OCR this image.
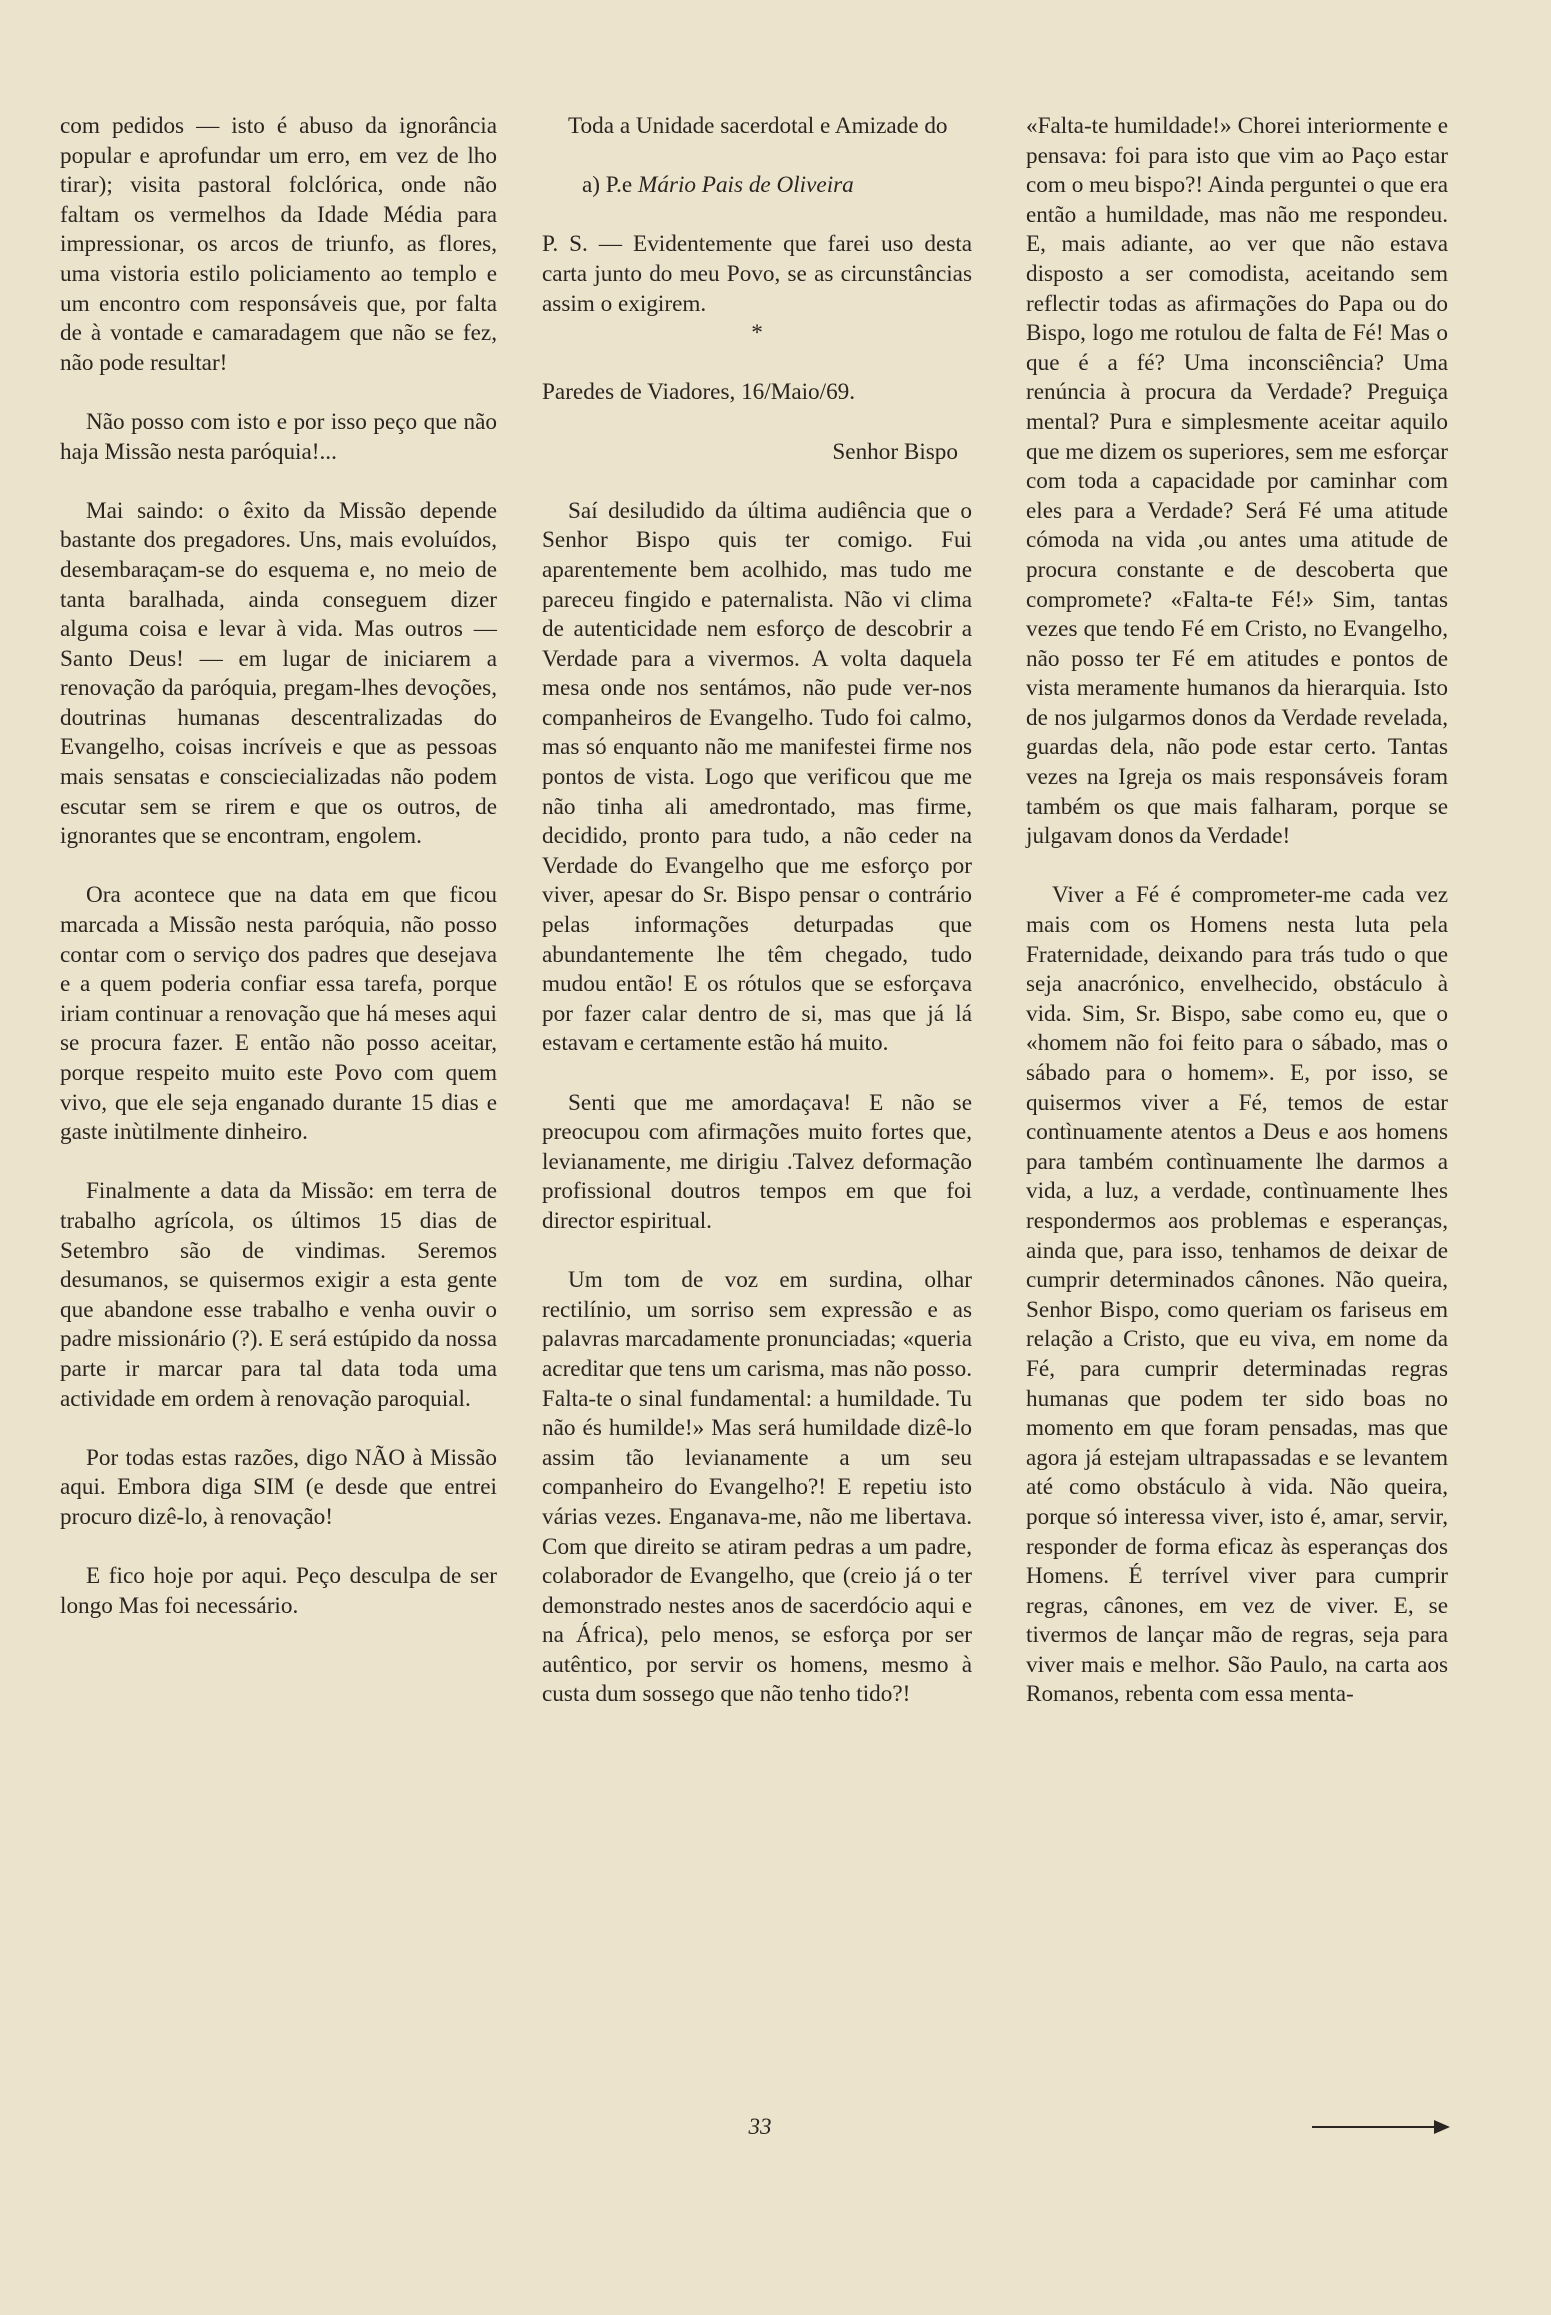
com pedidos — isto é abuso da ignorância popular e aprofundar um erro, em vez de lho tirar); visita pastoral folclórica, onde não faltam os vermelhos da Idade Média para impressionar, os arcos de triunfo, as flores, uma vistoria estilo policiamento ao templo e um encontro com responsáveis que, por falta de à vontade e camaradagem que não se fez, não pode resultar!

Não posso com isto e por isso peço que não haja Missão nesta paróquia!...

Mai saindo: o êxito da Missão depende bastante dos pregadores. Uns, mais evoluídos, desembaraçam-se do esquema e, no meio de tanta baralhada, ainda conseguem dizer alguma coisa e levar à vida. Mas outros — Santo Deus! — em lugar de iniciarem a renovação da paróquia, pregam-lhes devoções, doutrinas humanas descentralizadas do Evangelho, coisas incríveis e que as pessoas mais sensatas e consciecializadas não podem escutar sem se rirem e que os outros, de ignorantes que se encontram, engolem.

Ora acontece que na data em que ficou marcada a Missão nesta paróquia, não posso contar com o serviço dos padres que desejava e a quem poderia confiar essa tarefa, porque iriam continuar a renovação que há meses aqui se procura fazer. E então não posso aceitar, porque respeito muito este Povo com quem vivo, que ele seja enganado durante 15 dias e gaste inùtilmente dinheiro.

Finalmente a data da Missão: em terra de trabalho agrícola, os últimos 15 dias de Setembro são de vindimas. Seremos desumanos, se quisermos exigir a esta gente que abandone esse trabalho e venha ouvir o padre missionário (?). E será estúpido da nossa parte ir marcar para tal data toda uma actividade em ordem à renovação paroquial.

Por todas estas razões, digo NÃO à Missão aqui. Embora diga SIM (e desde que entrei procuro dizê-lo, à renovação!

E fico hoje por aqui. Peço desculpa de ser longo Mas foi necessário.

Toda a Unidade sacerdotal e Amizade do

a) P.e Mário Pais de Oliveira

P. S. — Evidentemente que farei uso desta carta junto do meu Povo, se as circunstâncias assim o exigirem.

*

Paredes de Viadores, 16/Maio/69.

Senhor Bispo

Saí desiludido da última audiência que o Senhor Bispo quis ter comigo. Fui aparentemente bem acolhido, mas tudo me pareceu fingido e paternalista. Não vi clima de autenticidade nem esforço de descobrir a Verdade para a vivermos. A volta daquela mesa onde nos sentámos, não pude ver-nos companheiros de Evangelho. Tudo foi calmo, mas só enquanto não me manifestei firme nos pontos de vista. Logo que verificou que me não tinha ali amedrontado, mas firme, decidido, pronto para tudo, a não ceder na Verdade do Evangelho que me esforço por viver, apesar do Sr. Bispo pensar o contrário pelas informações deturpadas que abundantemente lhe têm chegado, tudo mudou então! E os rótulos que se esforçava por fazer calar dentro de si, mas que já lá estavam e certamente estão há muito.

Senti que me amordaçava! E não se preocupou com afirmações muito fortes que, levianamente, me dirigiu .Talvez deformação profissional doutros tempos em que foi director espiritual.

Um tom de voz em surdina, olhar rectilínio, um sorriso sem expressão e as palavras marcadamente pronunciadas; «queria acreditar que tens um carisma, mas não posso. Falta-te o sinal fundamental: a humildade. Tu não és humilde!» Mas será humildade dizê-lo assim tão levianamente a um seu companheiro do Evangelho?! E repetiu isto várias vezes. Enganava-me, não me libertava. Com que direito se atiram pedras a um padre, colaborador de Evangelho, que (creio já o ter demonstrado nestes anos de sacerdócio aqui e na África), pelo menos, se esforça por ser autêntico, por servir os homens, mesmo à custa dum sossego que não tenho tido?!

«Falta-te humildade!» Chorei interiormente e pensava: foi para isto que vim ao Paço estar com o meu bispo?! Ainda perguntei o que era então a humildade, mas não me respondeu. E, mais adiante, ao ver que não estava disposto a ser comodista, aceitando sem reflectir todas as afirmações do Papa ou do Bispo, logo me rotulou de falta de Fé! Mas o que é a fé? Uma inconsciência? Uma renúncia à procura da Verdade? Preguiça mental? Pura e simplesmente aceitar aquilo que me dizem os superiores, sem me esforçar com toda a capacidade por caminhar com eles para a Verdade? Será Fé uma atitude cómoda na vida ,ou antes uma atitude de procura constante e de descoberta que compromete? «Falta-te Fé!» Sim, tantas vezes que tendo Fé em Cristo, no Evangelho, não posso ter Fé em atitudes e pontos de vista meramente humanos da hierarquia. Isto de nos julgarmos donos da Verdade revelada, guardas dela, não pode estar certo. Tantas vezes na Igreja os mais responsáveis foram também os que mais falharam, porque se julgavam donos da Verdade!

Viver a Fé é comprometer-me cada vez mais com os Homens nesta luta pela Fraternidade, deixando para trás tudo o que seja anacrónico, envelhecido, obstáculo à vida. Sim, Sr. Bispo, sabe como eu, que o «homem não foi feito para o sábado, mas o sábado para o homem». E, por isso, se quisermos viver a Fé, temos de estar contìnuamente atentos a Deus e aos homens para também contìnuamente lhe darmos a vida, a luz, a verdade, contìnuamente lhes respondermos aos problemas e esperanças, ainda que, para isso, tenhamos de deixar de cumprir determinados cânones. Não queira, Senhor Bispo, como queriam os fariseus em relação a Cristo, que eu viva, em nome da Fé, para cumprir determinadas regras humanas que podem ter sido boas no momento em que foram pensadas, mas que agora já estejam ultrapassadas e se levantem até como obstáculo à vida. Não queira, porque só interessa viver, isto é, amar, servir, responder de forma eficaz às esperanças dos Homens. É terrível viver para cumprir regras, cânones, em vez de viver. E, se tivermos de lançar mão de regras, seja para viver mais e melhor. São Paulo, na carta aos Romanos, rebenta com essa menta-

33
